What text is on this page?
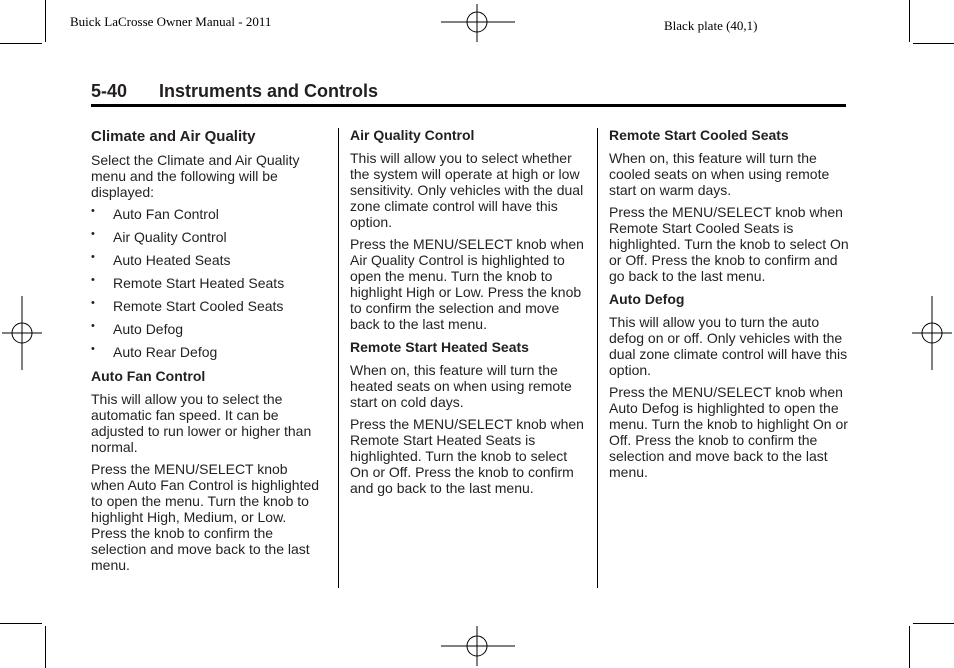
Buick LaCrosse Owner Manual - 2011	Black plate (40,1)
5-40 Instruments and Controls
Climate and Air Quality

Select the Climate and Air Quality menu and the following will be displayed:

• Auto Fan Control
• Air Quality Control
• Auto Heated Seats
• Remote Start Heated Seats
• Remote Start Cooled Seats
• Auto Defog
• Auto Rear Defog
Auto Fan Control

This will allow you to select the automatic fan speed. It can be adjusted to run lower or higher than normal.

Press the MENU/SELECT knob when Auto Fan Control is highlighted to open the menu. Turn the knob to highlight High, Medium, or Low. Press the knob to confirm the selection and move back to the last menu.

Air Quality Control

This will allow you to select whether the system will operate at high or low sensitivity. Only vehicles with the dual zone climate control will have this option.

Press the MENU/SELECT knob when Air Quality Control is highlighted to open the menu. Turn the knob to highlight High or Low. Press the knob to confirm the selection and move back to the last menu.

Remote Start Heated Seats

When on, this feature will turn the heated seats on when using remote start on cold days.

Press the MENU/SELECT knob when Remote Start Heated Seats is highlighted. Turn the knob to select On or Off. Press the knob to confirm and go back to the last menu.

Remote Start Cooled Seats

When on, this feature will turn the cooled seats on when using remote start on warm days.

Press the MENU/SELECT knob when Remote Start Cooled Seats is highlighted. Turn the knob to select On or Off. Press the knob to confirm and go back to the last menu.

Auto Defog

This will allow you to turn the auto defog on or off. Only vehicles with the dual zone climate control will have this option.

Press the MENU/SELECT knob when Auto Defog is highlighted to open the menu. Turn the knob to highlight On or Off. Press the knob to confirm the selection and move back to the last menu.
